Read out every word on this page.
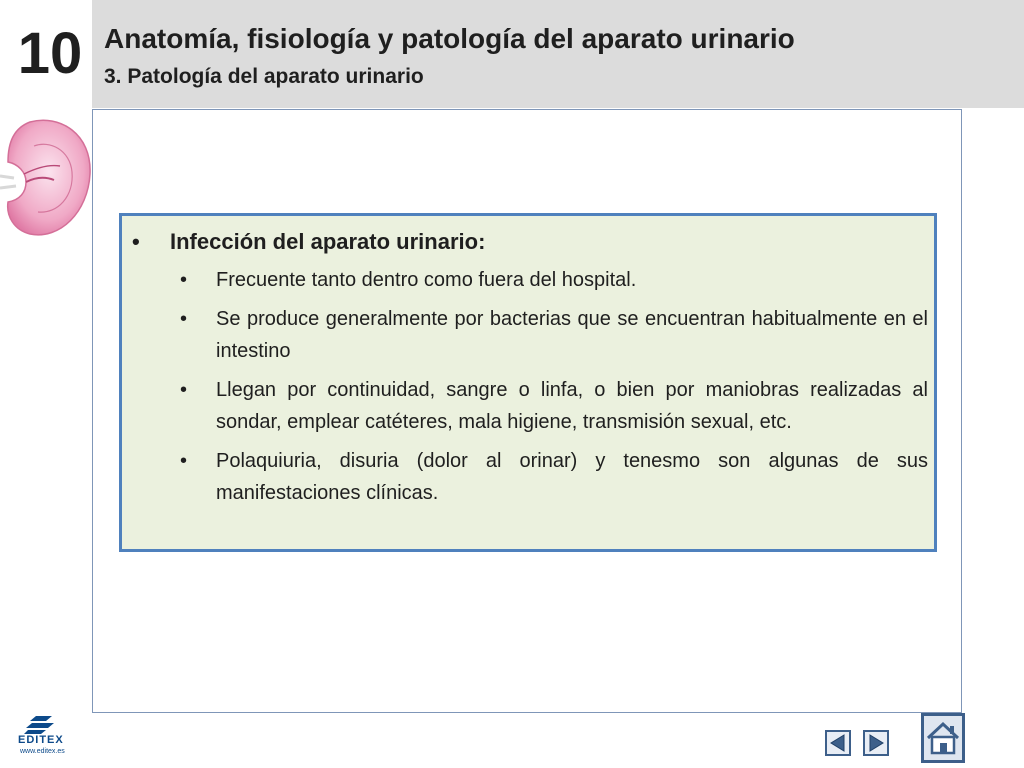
10 Anatomía, fisiología y patología del aparato urinario
3. Patología del aparato urinario
• Infección del aparato urinario:
• Frecuente tanto dentro como fuera del hospital.
• Se produce generalmente por bacterias que se encuentran habitualmente en el intestino
• Llegan por continuidad, sangre o linfa, o bien por maniobras realizadas al sondar, emplear catéteres, mala higiene, transmisión sexual, etc.
• Polaquiuria, disuria (dolor al orinar) y tenesmo son algunas de sus manifestaciones clínicas.
EDITEX
www.editex.es
